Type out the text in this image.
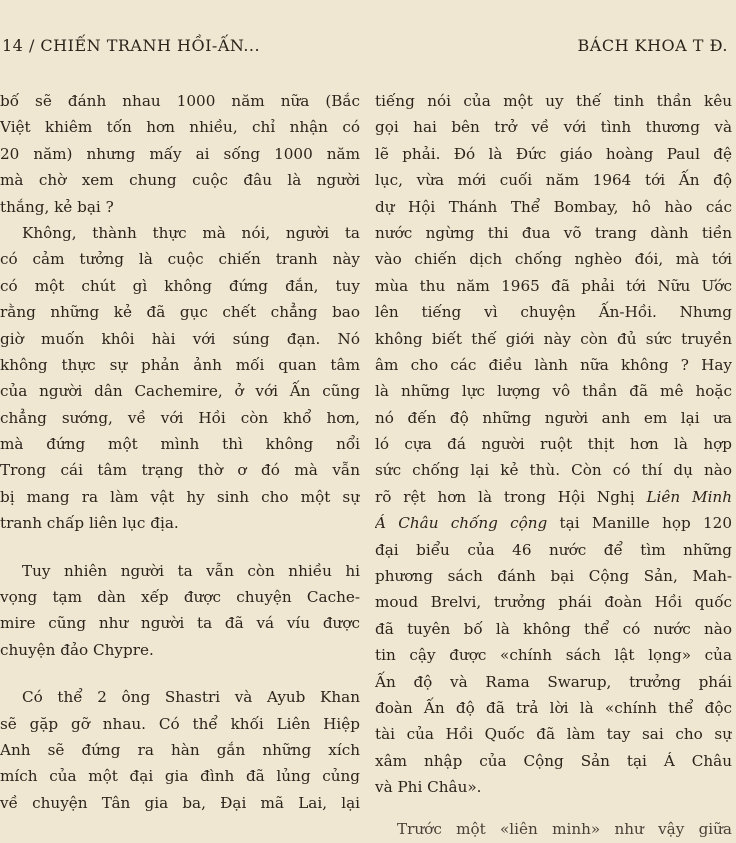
14 / CHIẾN TRANH HỒI-ẤN...	BÁCH KHOA T Đ.
bố sẽ đánh nhau 1000 năm nữa (Bắc
Việt khiêm tốn hơn nhiều, chỉ nhận có
20 năm) nhưng mấy ai sống 1000 năm
mà chờ xem chung cuộc đâu là người
thắng, kẻ bại ?
Không, thành thực mà nói, người ta
có cảm tưởng là cuộc chiến tranh này
có một chút gì không đứng đắn, tuy
rằng những kẻ đã gục chết chẳng bao
giờ muốn khôi hài với súng đạn. Nó
không thực sự phản ảnh mối quan tâm
của người dân Cachemire, ở với Ấn cũng
chẳng sướng, về với Hồi còn khổ hơn,
mà đứng một mình thì không nổi
Trong cái tâm trạng thờ ơ đó mà vẫn
bị mang ra làm vật hy sinh cho một sự
tranh chấp liên lục địa.
Tuy nhiên người ta vẫn còn nhiều hi
vọng tạm dàn xếp được chuyện Cache-
mire cũng như người ta đã vá víu được
chuyện đảo Chypre.
Có thể 2 ông Shastri và Ayub Khan
sẽ gặp gỡ nhau. Có thể khối Liên Hiệp
Anh sẽ đứng ra hàn gắn những xích
mích của một đại gia đình đã lủng củng
về chuyện Tân gia ba, Đại mã Lai, lại
tiếng nói của một uy thế tinh thần kêu
gọi hai bên trở về với tình thương và
lẽ phải. Đó là Đức giáo hoàng Paul đệ
lục, vừa mới cuối năm 1964 tới Ấn độ
dự Hội Thánh Thể Bombay, hô hào các
nước ngừng thi đua võ trang dành tiền
vào chiến dịch chống nghèo đói, mà tới
mùa thu năm 1965 đã phải tới Nữu Ước
lên tiếng vì chuyện Ấn-Hồi. Nhưng
không biết thế giới này còn đủ sức truyền
âm cho các điều lành nữa không ? Hay
là những lực lượng vô thần đã mê hoặc
nó đến độ những người anh em lại ưa
ló cựa đá người ruột thịt hơn là hợp
sức chống lại kẻ thù. Còn có thí dụ nào
rõ rệt hơn là trong Hội Nghị Liên Minh
Á Châu chống cộng tại Manille họp 120
đại biểu của 46 nước để tìm những
phương sách đánh bại Cộng Sản, Mah-
moud Brelvi, trưởng phái đoàn Hồi quốc
đã tuyên bố là không thể có nước nào
tin cậy được «chính sách lật lọng» của
Ấn độ và Rama Swarup, trưởng phái
đoàn Ấn độ đã trả lời là «chính thể độc
tài của Hồi Quốc đã làm tay sai cho sự
xâm nhập của Cộng Sản tại Á Châu
và Phi Châu».
Trước một «liên minh» như vậy giữa
